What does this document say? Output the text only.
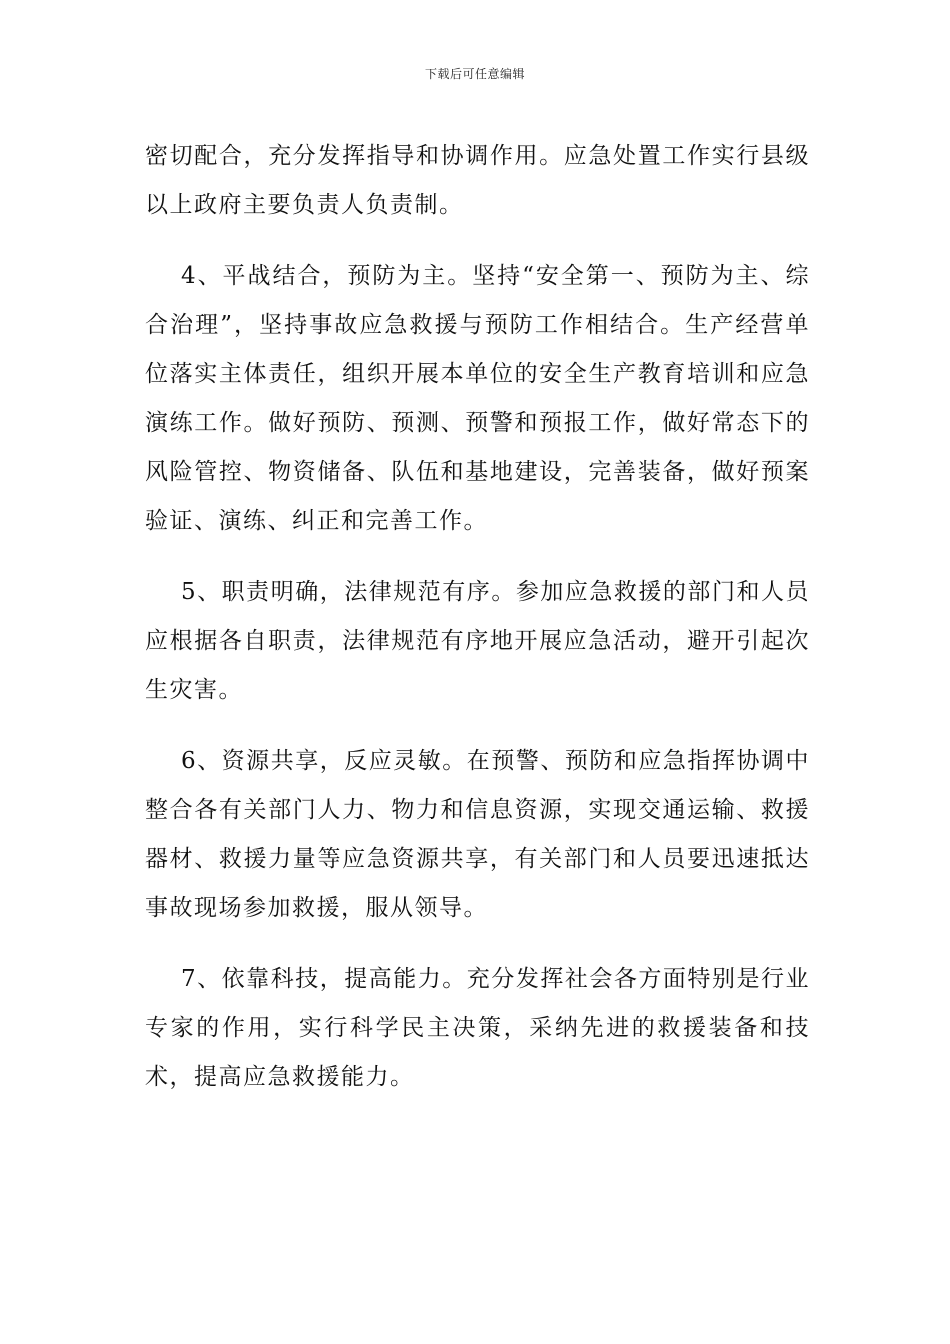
下载后可任意编辑

密切配合，充分发挥指导和协调作用。应急处置工作实行县级以上政府主要负责人负责制。

4、平战结合，预防为主。坚持“安全第一、预防为主、综合治理”，坚持事故应急救援与预防工作相结合。生产经营单位落实主体责任，组织开展本单位的安全生产教育培训和应急演练工作。做好预防、预测、预警和预报工作，做好常态下的风险管控、物资储备、队伍和基地建设，完善装备，做好预案验证、演练、纠正和完善工作。

5、职责明确，法律规范有序。参加应急救援的部门和人员应根据各自职责，法律规范有序地开展应急活动，避开引起次生灾害。

6、资源共享，反应灵敏。在预警、预防和应急指挥协调中整合各有关部门人力、物力和信息资源，实现交通运输、救援器材、救援力量等应急资源共享，有关部门和人员要迅速抵达事故现场参加救援，服从领导。

7、依靠科技，提高能力。充分发挥社会各方面特别是行业专家的作用，实行科学民主决策，采纳先进的救援装备和技术，提高应急救援能力。
